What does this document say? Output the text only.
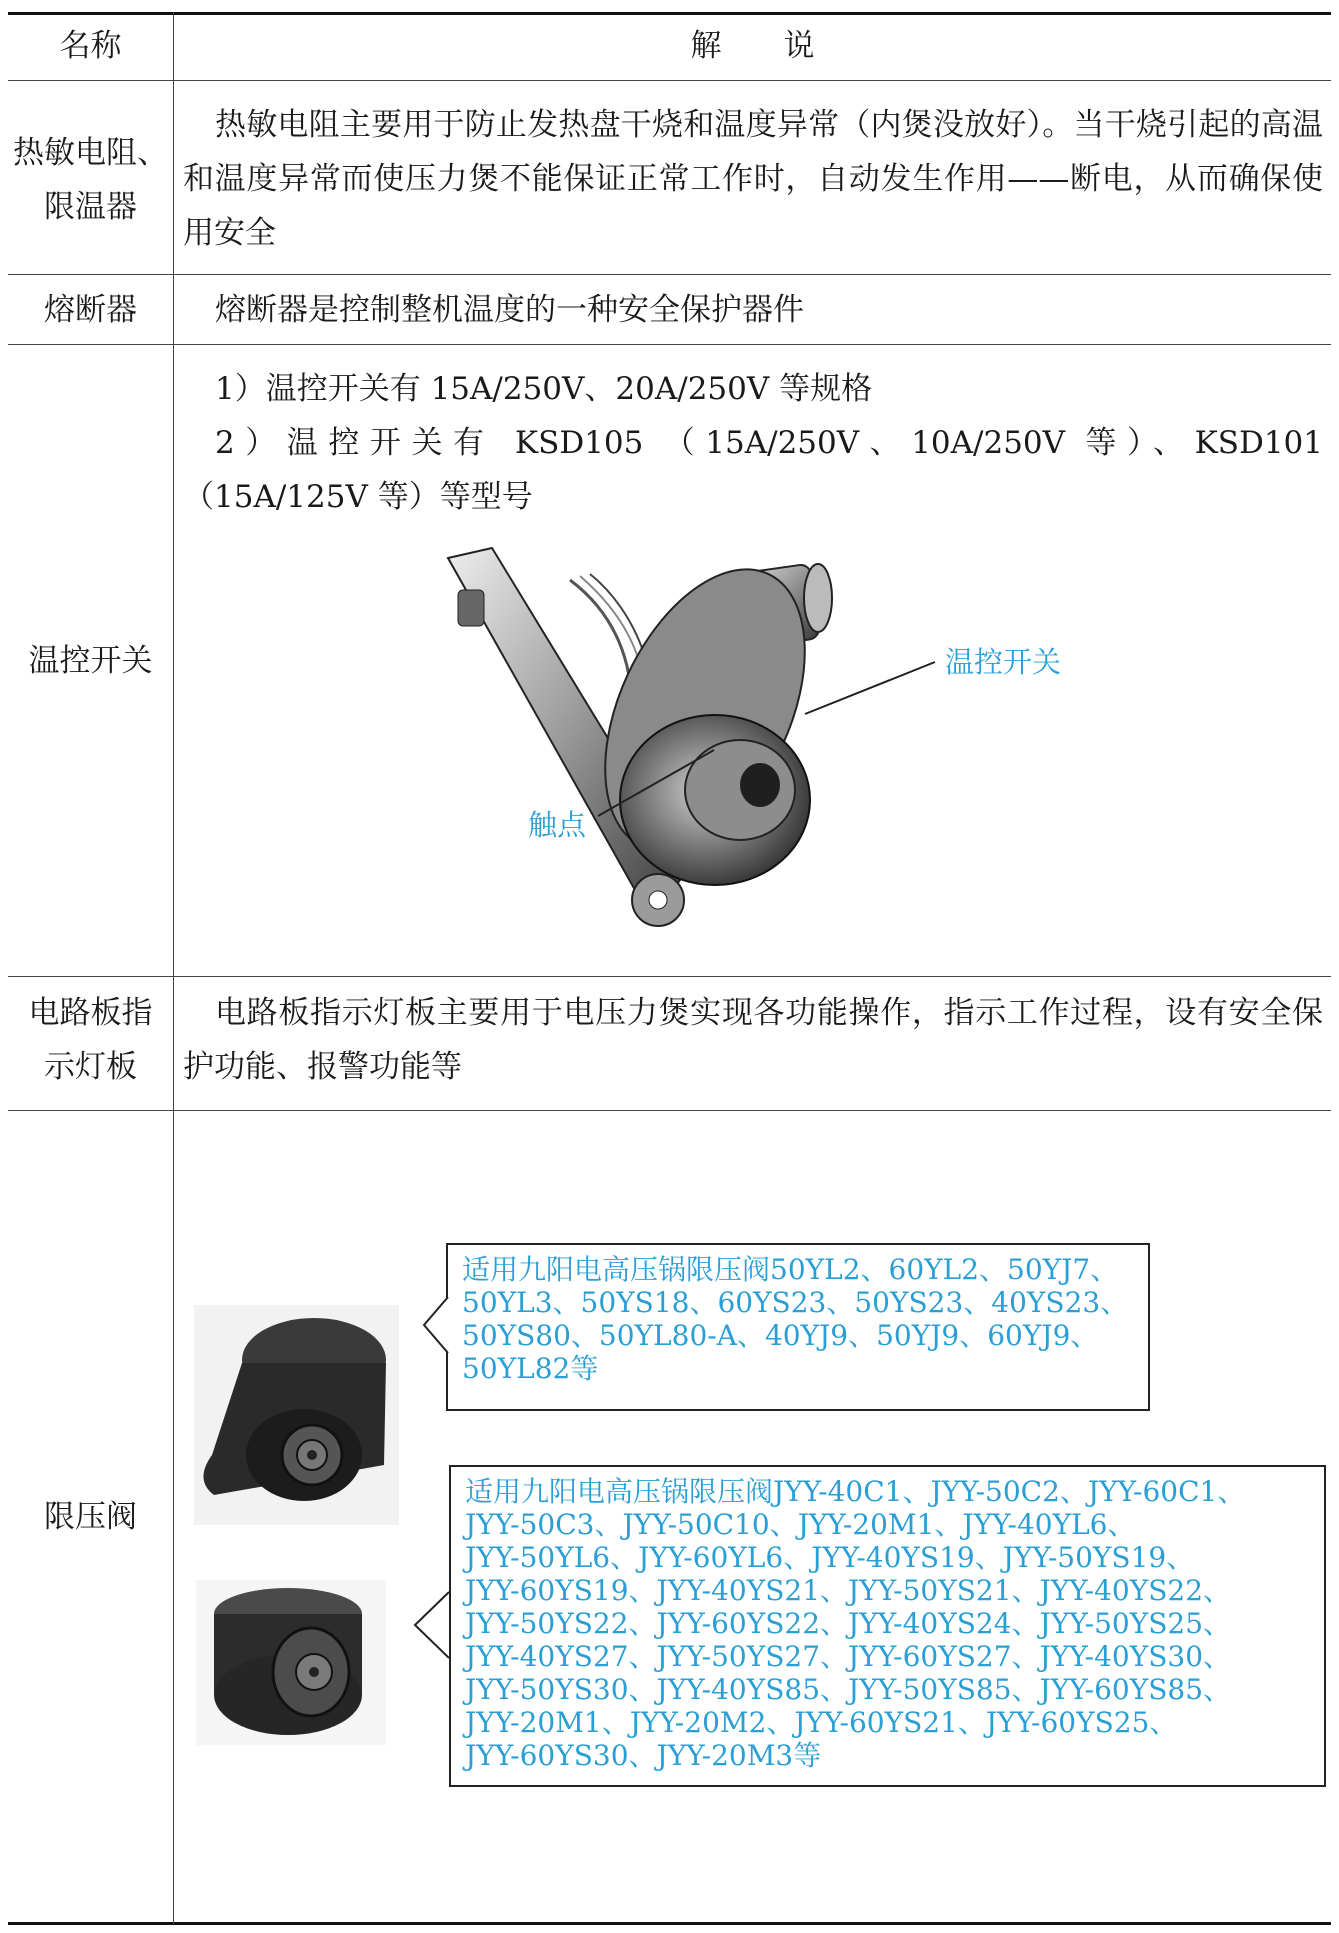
名称	解　　说
热敏电阻、
限温器

热敏电阻主要用于防止发热盘干烧和温度异常（内煲没放好）。当干烧引起的高温和温度异常而使压力煲不能保证正常工作时，自动发生作用——断电，从而确保使用安全

熔断器	熔断器是控制整机温度的一种安全保护器件

温控开关

1）温控开关有 15A/250V、20A/250V 等规格

2）温控开关有 KSD105 （15A/250V、10A/250V 等）、KSD101 （15A/125V 等）等型号

温控开关
触点
电路板指
示灯板

电路板指示灯板主要用于电压力煲实现各功能操作，指示工作过程，设有安全保护功能、报警功能等

限压阀
适用九阳电高压锅限压阀50YL2、60YL2、50YJ7、
50YL3、50YS18、60YS23、50YS23、40YS23、
50YS80、50YL80-A、40YJ9、50YJ9、60YJ9、
50YL82等
适用九阳电高压锅限压阀JYY-40C1、JYY-50C2、JYY-60C1、
JYY-50C3、JYY-50C10、JYY-20M1、JYY-40YL6、
JYY-50YL6、JYY-60YL6、JYY-40YS19、JYY-50YS19、
JYY-60YS19、JYY-40YS21、JYY-50YS21、JYY-40YS22、
JYY-50YS22、JYY-60YS22、JYY-40YS24、JYY-50YS25、
JYY-40YS27、JYY-50YS27、JYY-60YS27、JYY-40YS30、
JYY-50YS30、JYY-40YS85、JYY-50YS85、JYY-60YS85、
JYY-20M1、JYY-20M2、JYY-60YS21、JYY-60YS25、
JYY-60YS30、JYY-20M3等
